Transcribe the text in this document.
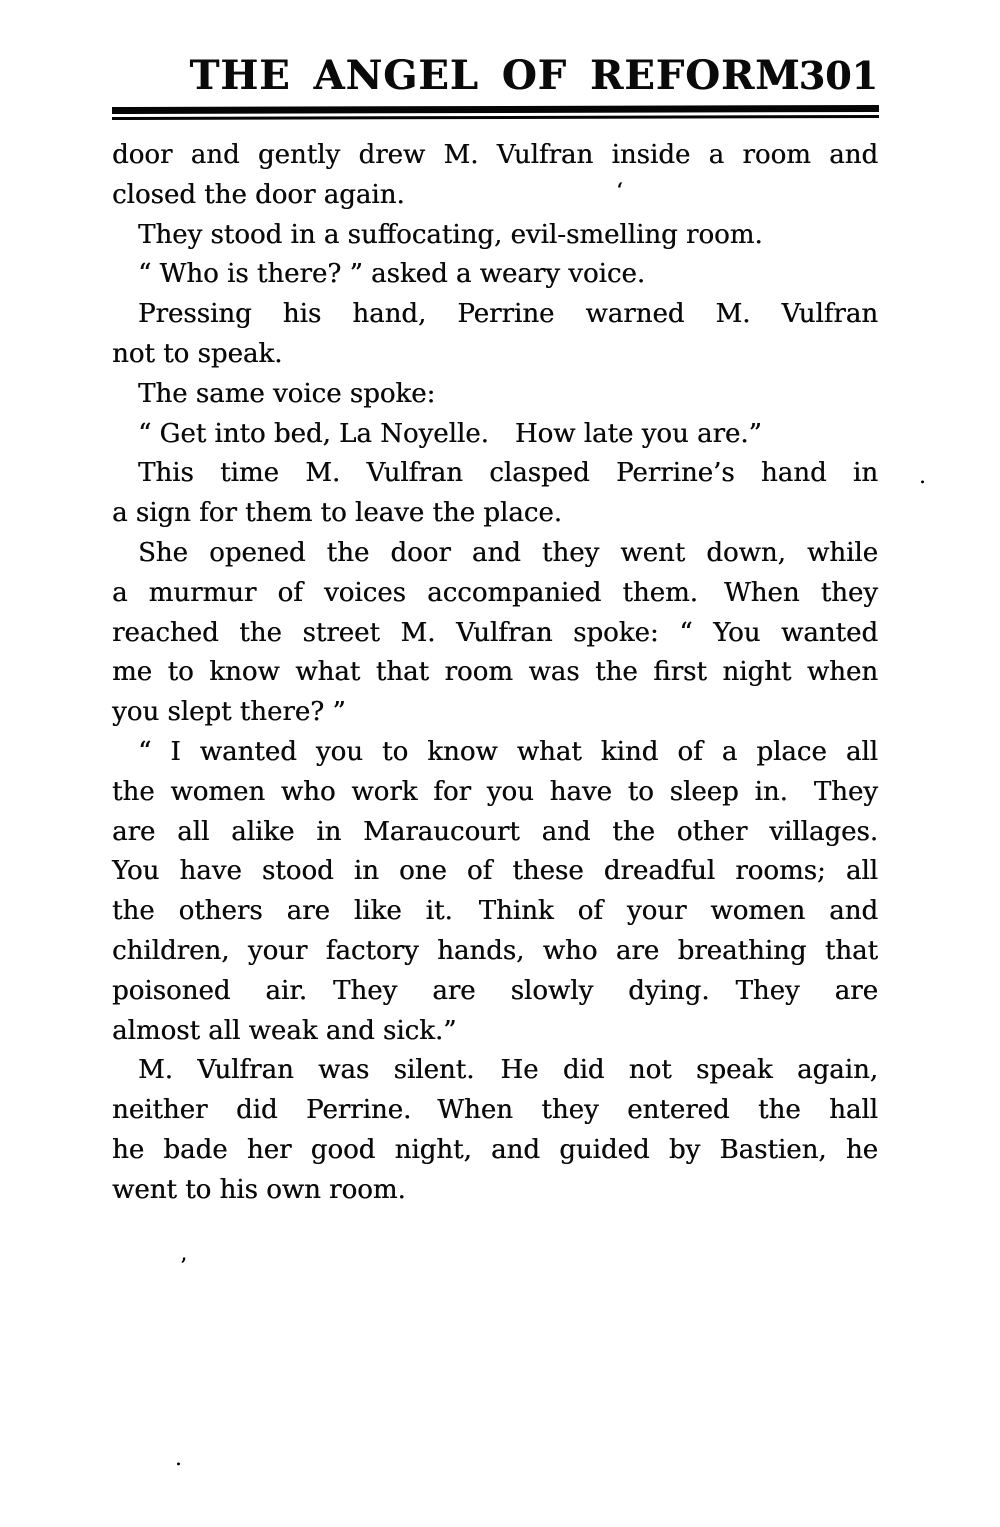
THE ANGEL OF REFORM
301
door and gently drew M. Vulfran inside a room and
closed the door again.
They stood in a suffocating, evil-smelling room.
“ Who is there? ” asked a weary voice.
Pressing his hand, Perrine warned M. Vulfran
not to speak.
The same voice spoke:
“ Get into bed, La Noyelle. How late you are.”
This time M. Vulfran clasped Perrine’s hand in
a sign for them to leave the place.
She opened the door and they went down, while
a murmur of voices accompanied them. When they
reached the street M. Vulfran spoke: “ You wanted
me to know what that room was the first night when
you slept there? ”
“ I wanted you to know what kind of a place all
the women who work for you have to sleep in. They
are all alike in Maraucourt and the other villages.
You have stood in one of these dreadful rooms; all
the others are like it. Think of your women and
children, your factory hands, who are breathing that
poisoned air. They are slowly dying. They are
almost all weak and sick.”
M. Vulfran was silent. He did not speak again,
neither did Perrine. When they entered the hall
he bade her good night, and guided by Bastien, he
went to his own room.
‘
.
’
.
